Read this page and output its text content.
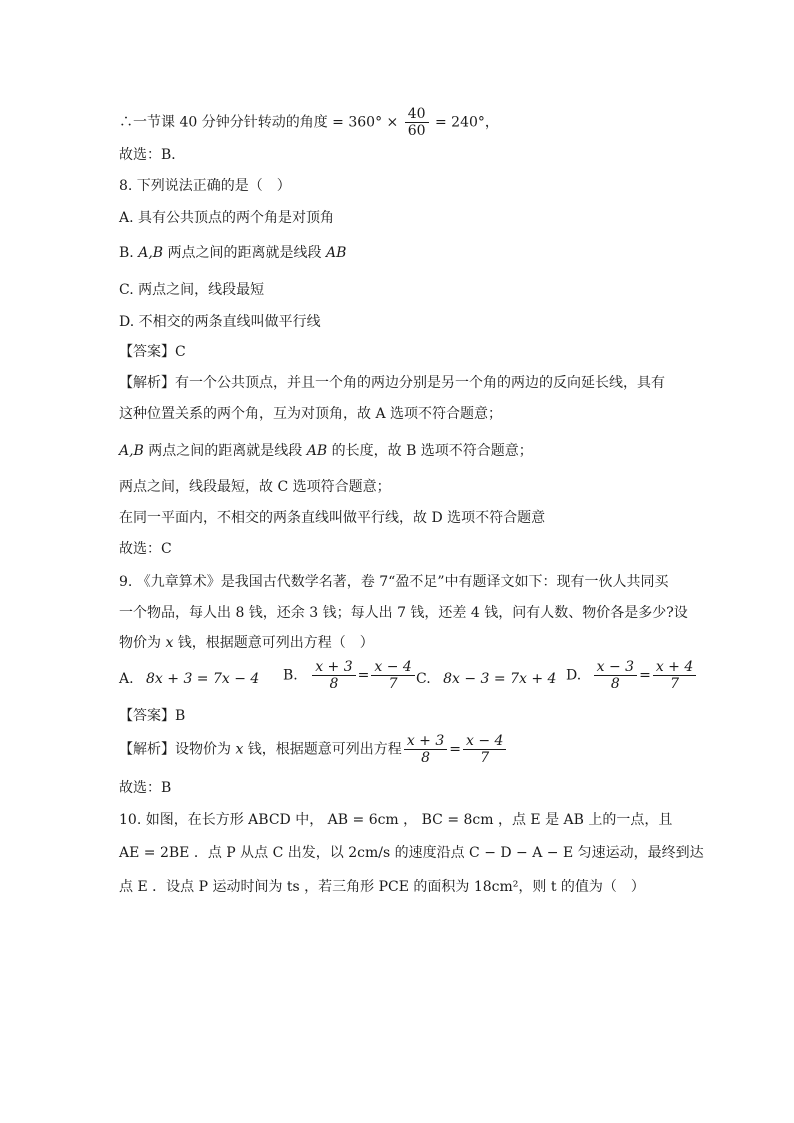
∴一节课 40 分钟分针转动的角度 = $360^\circ \times \frac{40}{60} = 240^\circ$，
故选：B．
8. 下列说法正确的是（　）
A. 具有公共顶点的两个角是对顶角
B. A,B 两点之间的距离就是线段 AB
C. 两点之间，线段最短
D. 不相交的两条直线叫做平行线
【答案】C
【解析】有一个公共顶点，并且一个角的两边分别是另一个角的两边的反向延长线，具有
这种位置关系的两个角，互为对顶角，故 A 选项不符合题意；
A,B 两点之间的距离就是线段 AB 的长度，故 B 选项不符合题意；
两点之间，线段最短，故 C 选项符合题意；
在同一平面内，不相交的两条直线叫做平行线，故 D 选项不符合题意
故选：C
9. 《九章算术》是我国古代数学名著，卷 7“盈不足”中有题译文如下：现有一伙人共同买
一个物品，每人出 8 钱，还余 3 钱；每人出 7 钱，还差 4 钱，问有人数、物价各是多少?设
物价为 x 钱，根据题意可列出方程（　）
A. 8x + 3 = 7x − 4 B. $\frac{x + 3}{8} = \frac{x - 4}{7} C$. 8x − 3 = 7x + 4 D. $\frac{x - 3}{8} = \frac{x + 4}{7}$
【答案】B
【解析】设物价为 x 钱，根据题意可列出方程 $\frac{x + 3}{8} = \frac{x - 4}{7}$
故选：B
10. 如图，在长方形 ABCD 中， AB = 6cm ， BC = 8cm ，点 E 是 AB 上的一点，且
AE = 2BE ．点 P 从点 C 出发，以 2cm/s 的速度沿点 C − D − A − E 匀速运动，最终到达
点 E ．设点 P 运动时间为 ts ，若三角形 PCE 的面积为 18cm²，则 t 的值为（　）
